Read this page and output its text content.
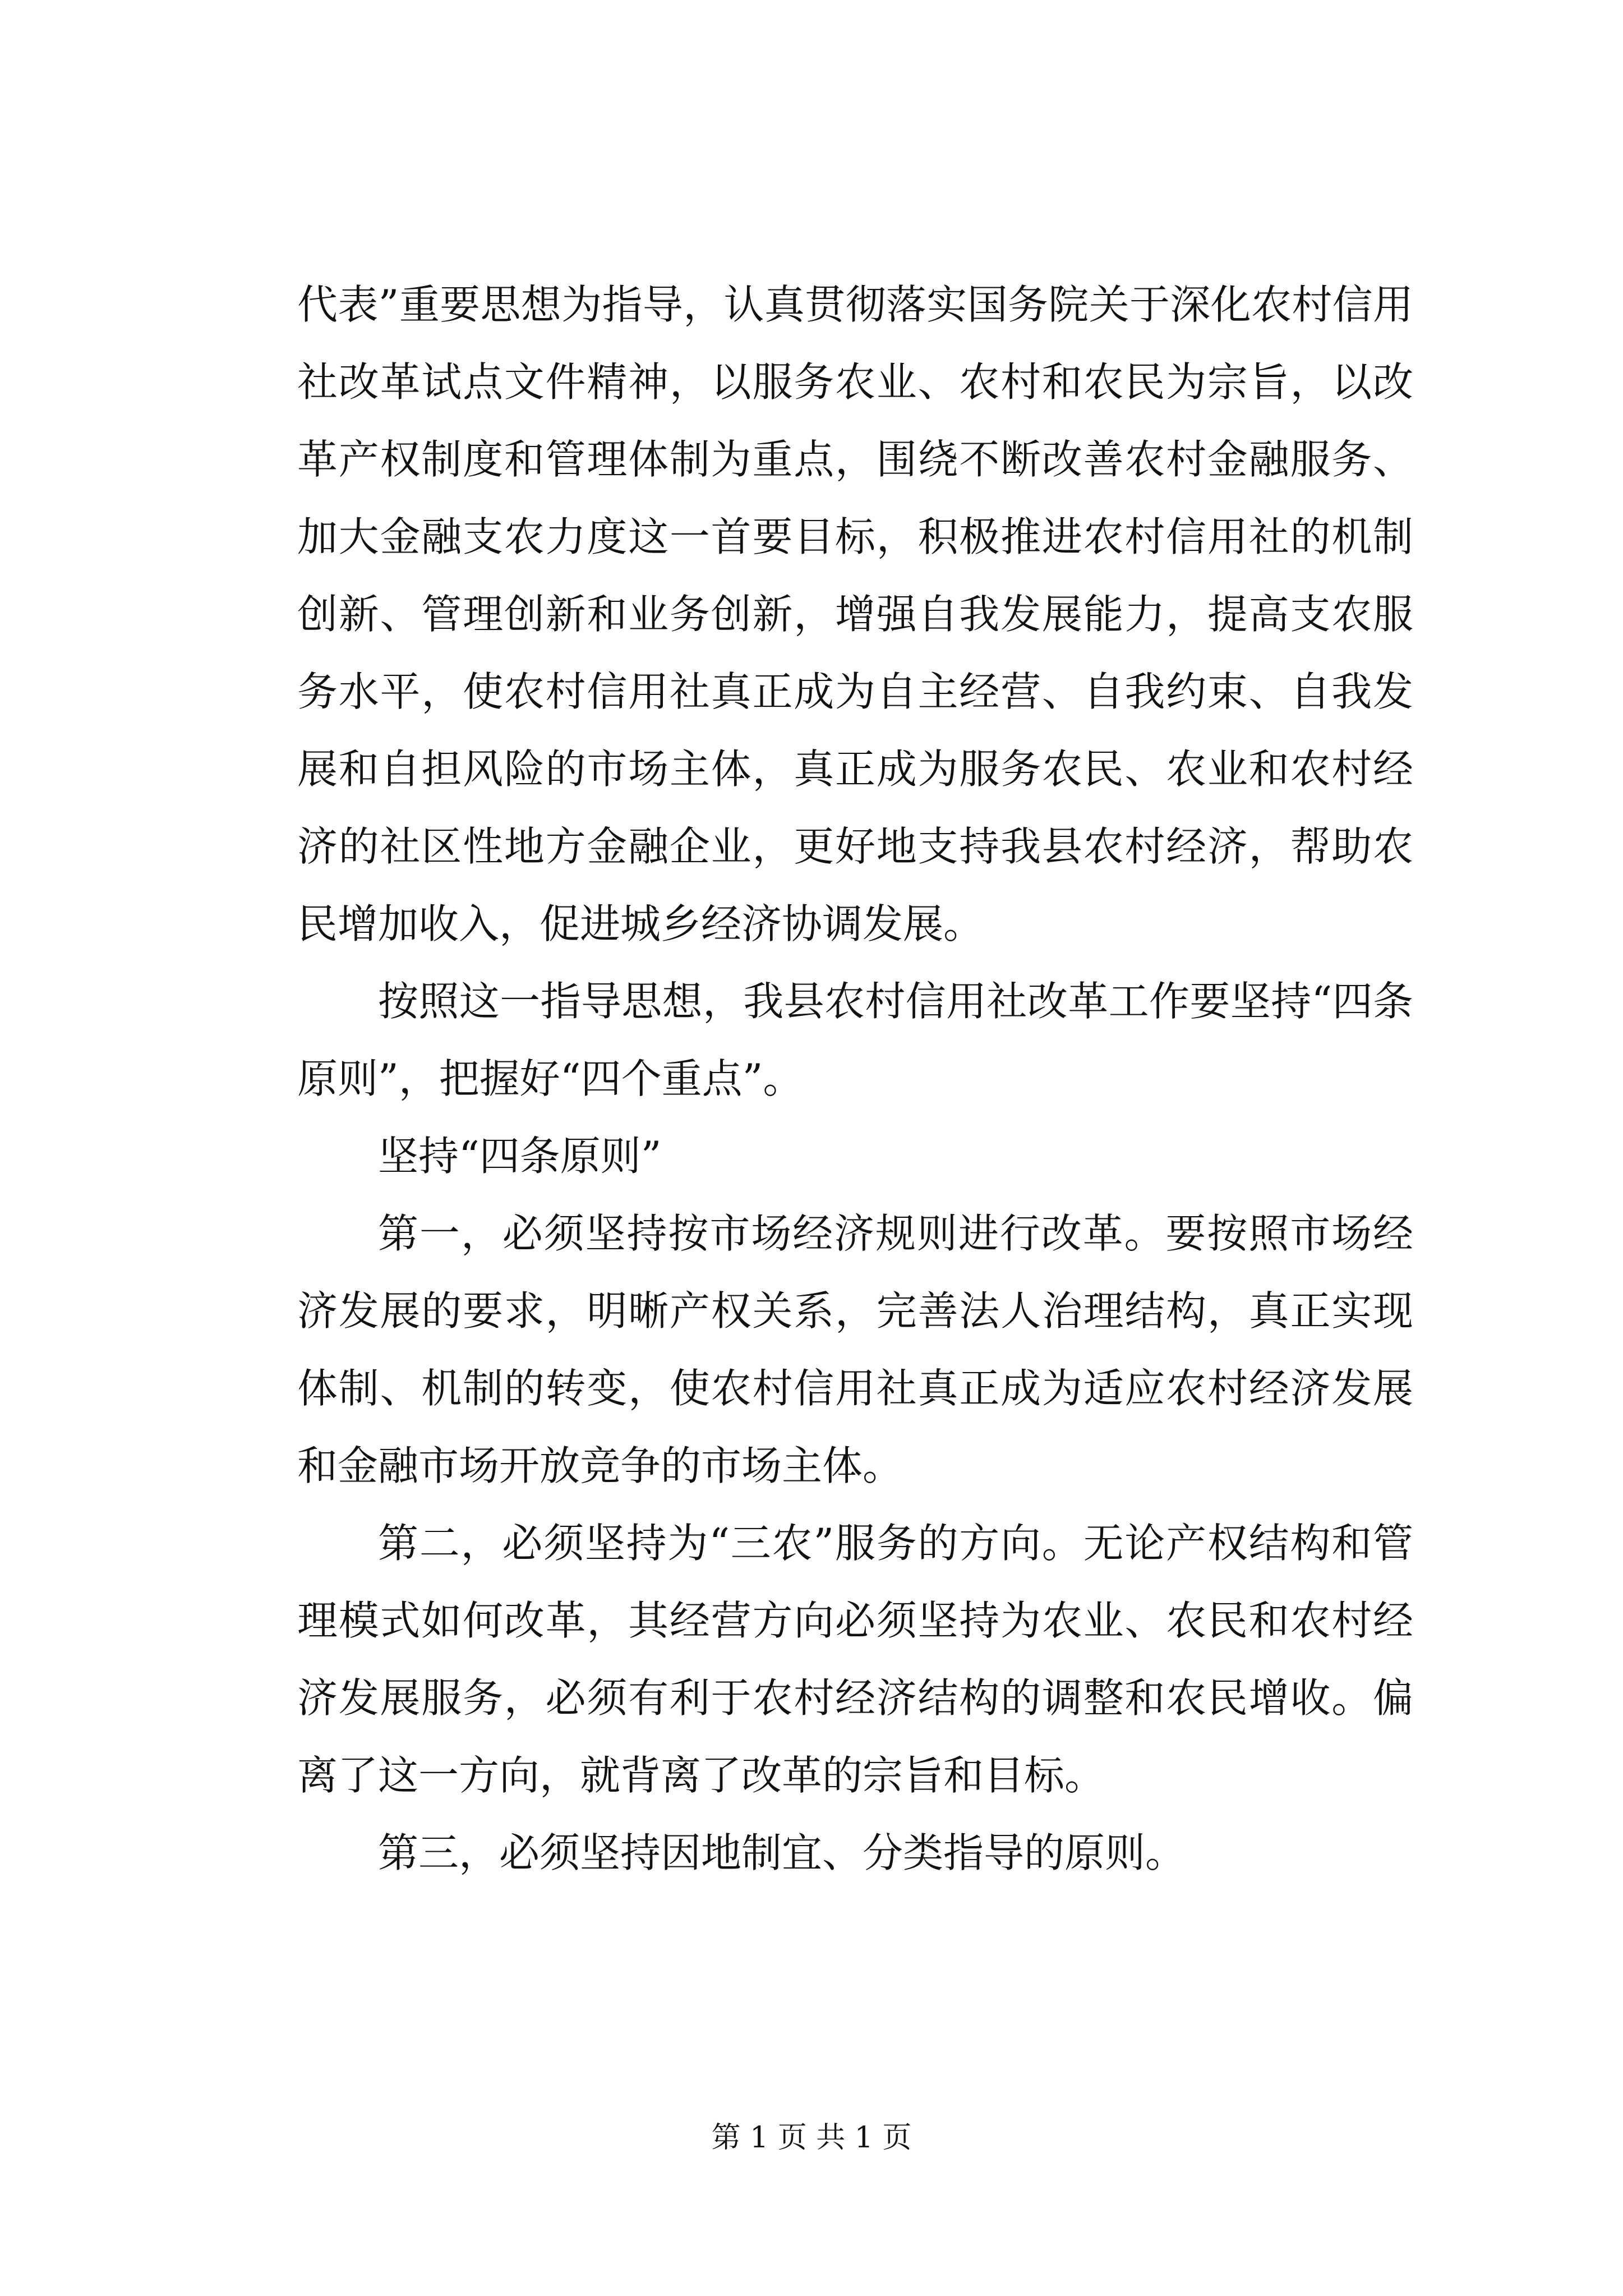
代表”重要思想为指导，认真贯彻落实国务院关于深化农村信用社改革试点文件精神，以服务农业、农村和农民为宗旨，以改革产权制度和管理体制为重点，围绕不断改善农村金融服务、加大金融支农力度这一首要目标，积极推进农村信用社的机制创新、管理创新和业务创新，增强自我发展能力，提高支农服务水平，使农村信用社真正成为自主经营、自我约束、自我发展和自担风险的市场主体，真正成为服务农民、农业和农村经济的社区性地方金融企业，更好地支持我县农村经济，帮助农民增加收入，促进城乡经济协调发展。

按照这一指导思想，我县农村信用社改革工作要坚持“四条原则”，把握好“四个重点”。

坚持“四条原则”

第一，必须坚持按市场经济规则进行改革。要按照市场经济发展的要求，明晰产权关系，完善法人治理结构，真正实现体制、机制的转变，使农村信用社真正成为适应农村经济发展和金融市场开放竞争的市场主体。

第二，必须坚持为“三农”服务的方向。无论产权结构和管理模式如何改革，其经营方向必须坚持为农业、农民和农村经济发展服务，必须有利于农村经济结构的调整和农民增收。偏离了这一方向，就背离了改革的宗旨和目标。

第三，必须坚持因地制宜、分类指导的原则。

第 1 页 共 1 页
